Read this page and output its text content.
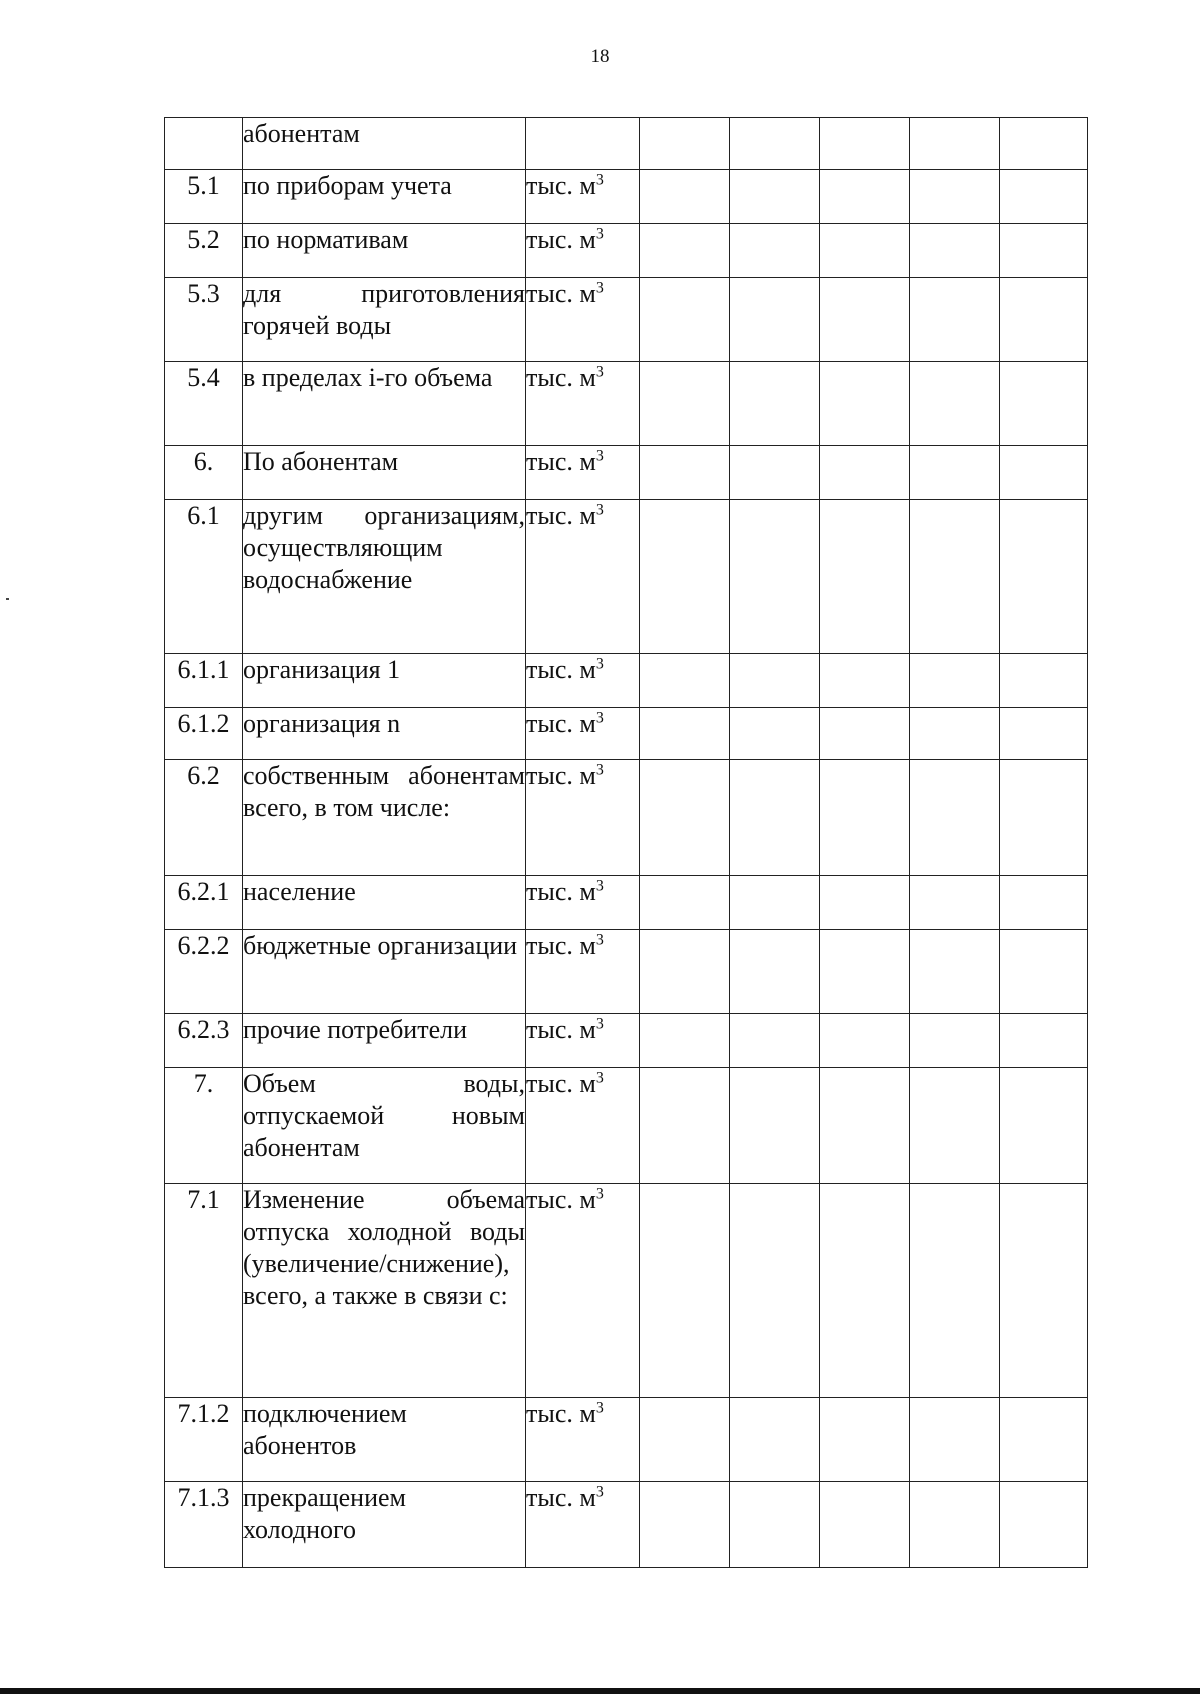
18
	абонентам						
5.1	по приборам учета	тыс. $м^3$					
5.2	по нормативам	тыс. $м^3$					
5.3	для приготовления горячей воды	тыс. $м^3$					
5.4	в пределах i-го объема	тыс. $м^3$					
6.	По абонентам	тыс. $м^3$					
6.1	другим организациям, осуществляющим водоснабжение	тыс. $м^3$					
6.1.1	организация 1	тыс. $м^3$					
6.1.2	организация n	тыс. $м^3$					
6.2	собственным абонентам всего, в том числе:	тыс. $м^3$					
6.2.1	население	тыс. $м^3$					
6.2.2	бюджетные организации	тыс. $м^3$					
6.2.3	прочие потребители	тыс. $м^3$					
7.	Объем воды, отпускаемой новым абонентам	тыс. $м^3$					
7.1	Изменение объема отпуска холодной воды (увеличение/снижение), всего, а также в связи с:	тыс. $м^3$					
7.1.2	подключением абонентов	тыс. $м^3$					
7.1.3	прекращением холодного	тыс. $м^3$					
